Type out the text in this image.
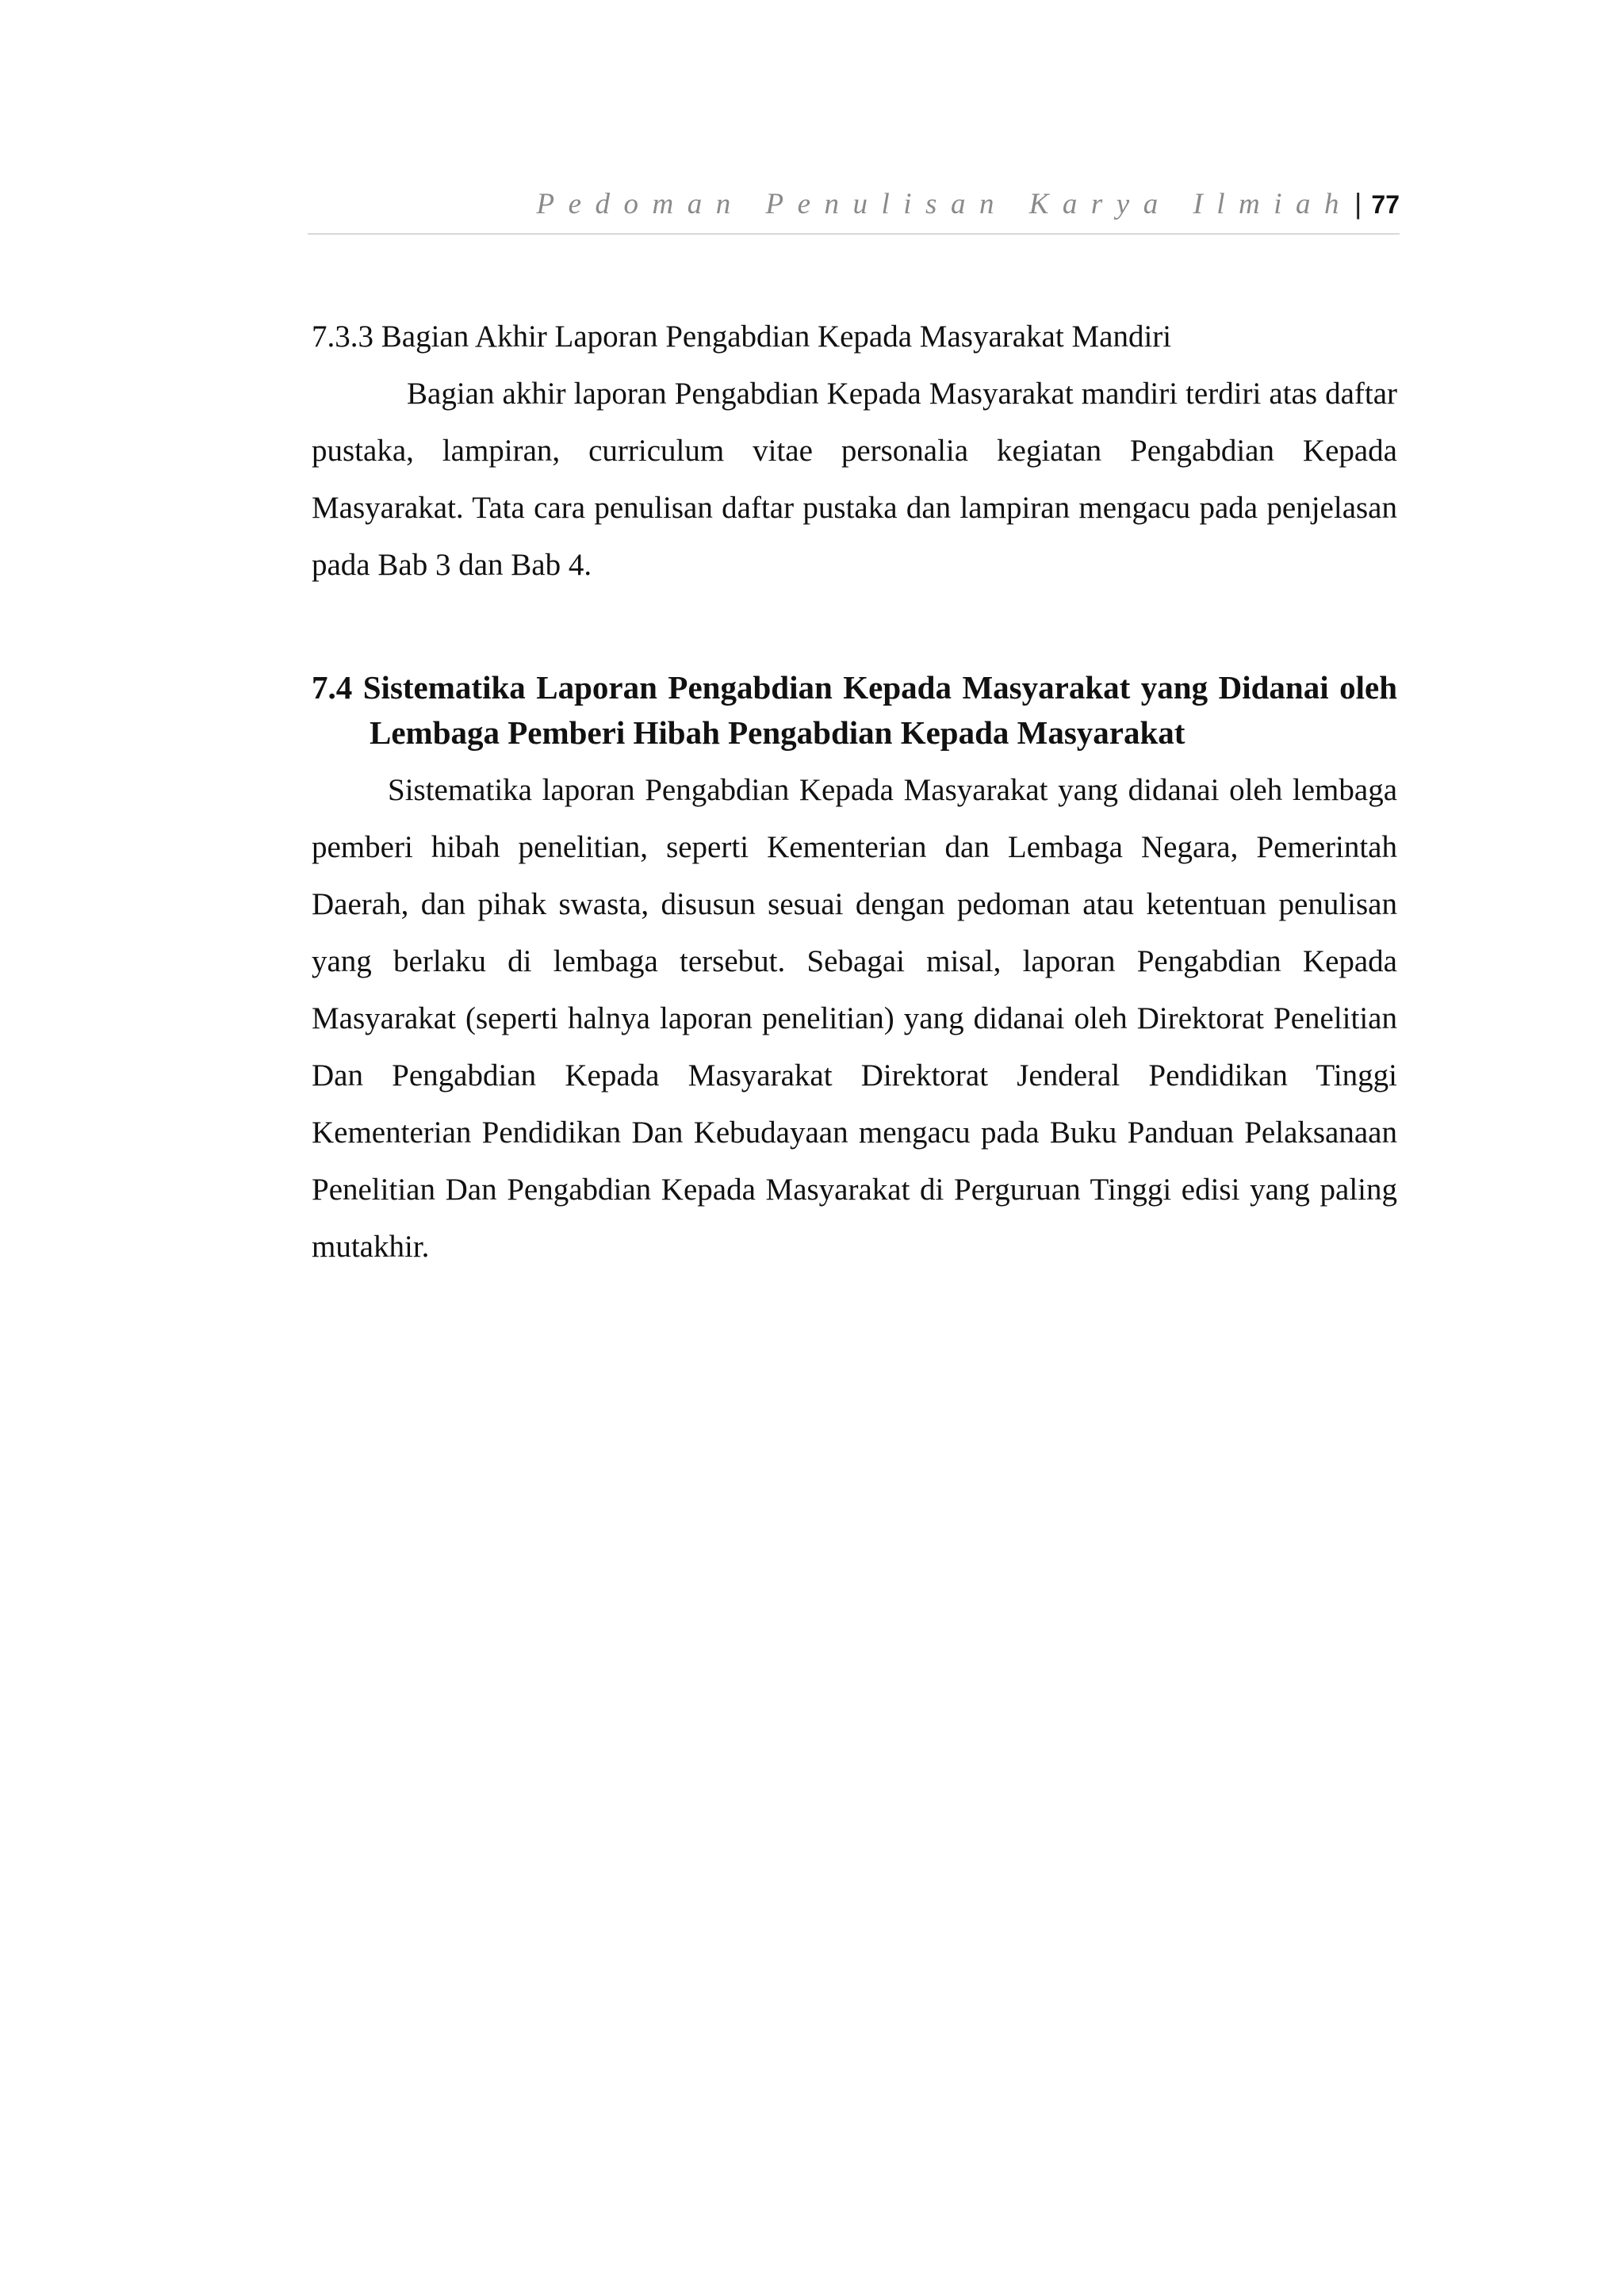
Pedoman Penulisan Karya Ilmiah| 77

7.3.3 Bagian Akhir Laporan Pengabdian Kepada Masyarakat Mandiri

Bagian akhir laporan Pengabdian Kepada Masyarakat mandiri terdiri atas daftar pustaka, lampiran, curriculum vitae personalia kegiatan Pengabdian Kepada Masyarakat. Tata cara penulisan daftar pustaka dan lampiran mengacu pada penjelasan pada Bab 3 dan Bab 4.

7.4 Sistematika Laporan Pengabdian Kepada Masyarakat yang Didanai oleh Lembaga Pemberi Hibah Pengabdian Kepada Masyarakat

Sistematika laporan Pengabdian Kepada Masyarakat yang didanai oleh lembaga pemberi hibah penelitian, seperti Kementerian dan Lembaga Negara, Pemerintah Daerah, dan pihak swasta, disusun sesuai dengan pedoman atau ketentuan penulisan yang berlaku di lembaga tersebut. Sebagai misal, laporan Pengabdian Kepada Masyarakat (seperti halnya laporan penelitian) yang didanai oleh Direktorat Penelitian Dan Pengabdian Kepada Masyarakat Direktorat Jenderal Pendidikan Tinggi Kementerian Pendidikan Dan Kebudayaan mengacu pada Buku Panduan Pelaksanaan Penelitian Dan Pengabdian Kepada Masyarakat di Perguruan Tinggi edisi yang paling mutakhir.
